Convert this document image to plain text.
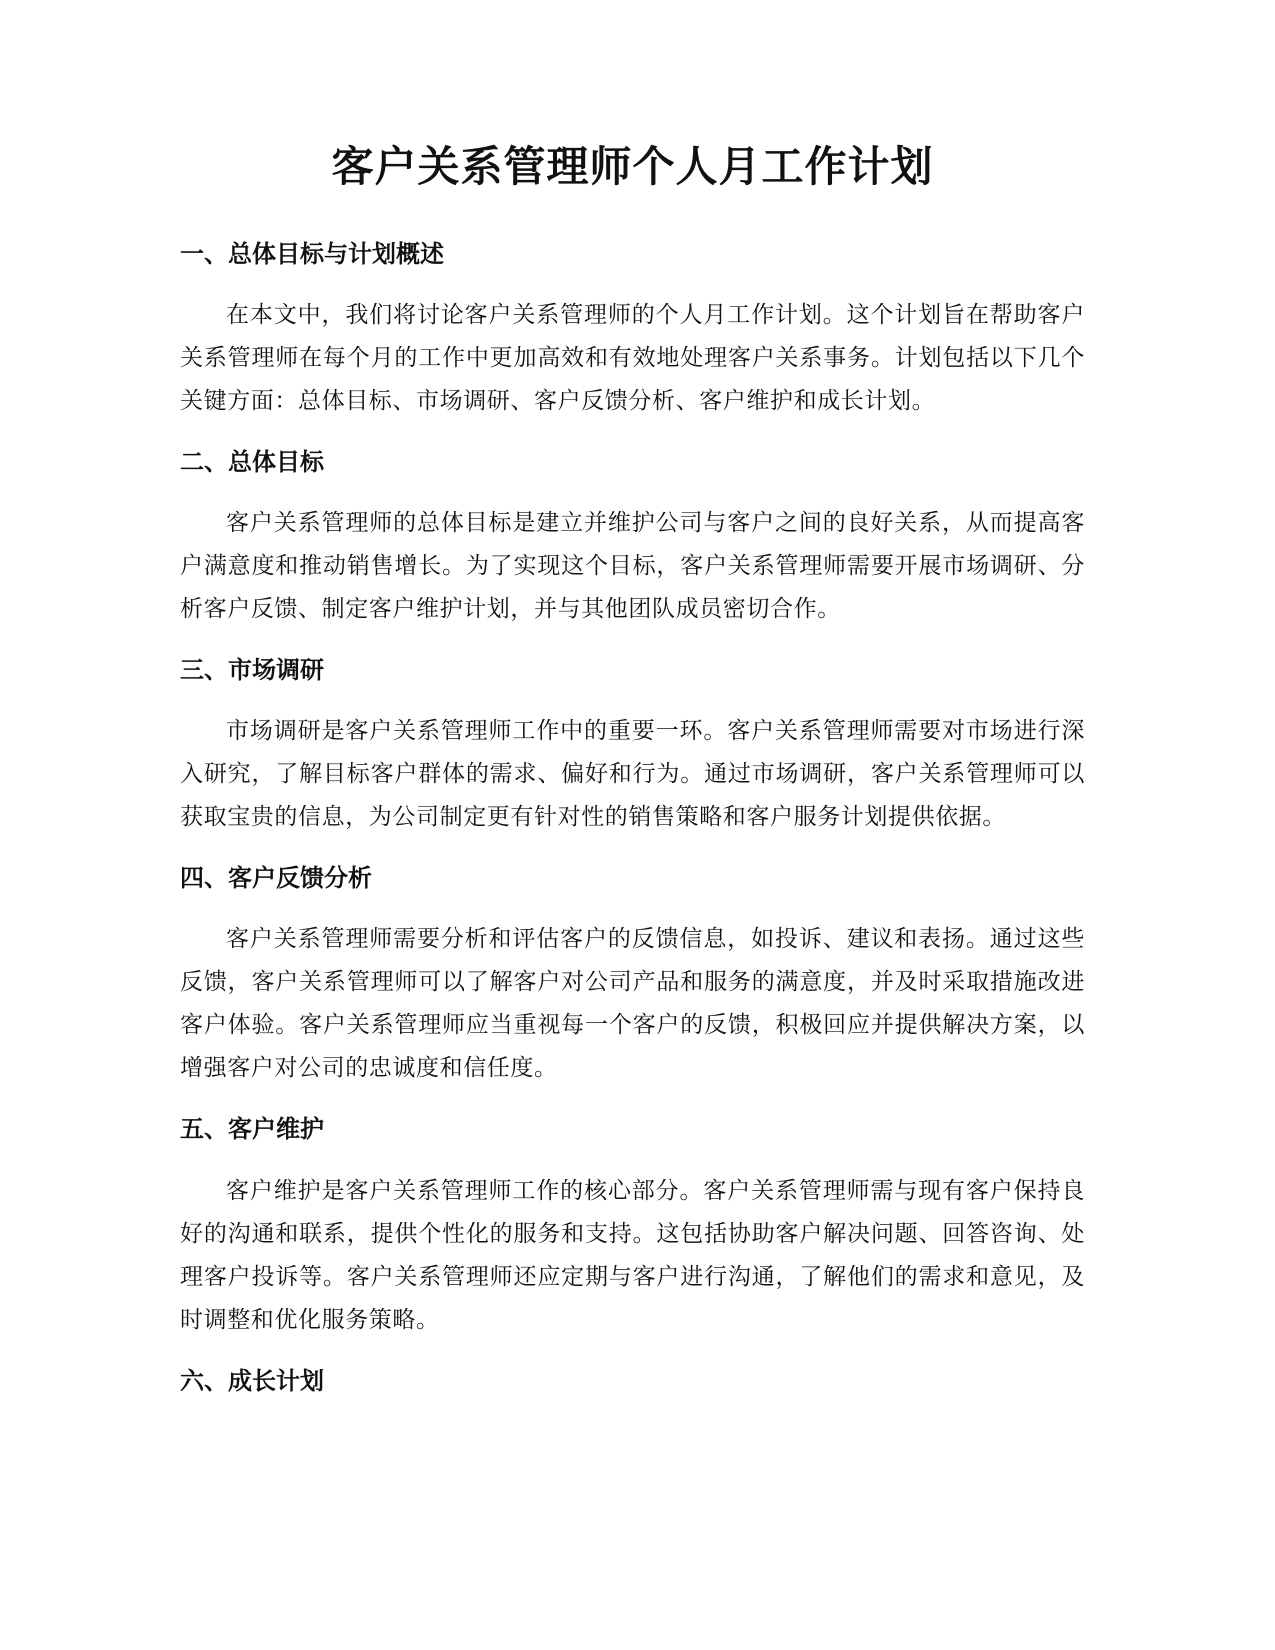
客户关系管理师个人月工作计划
一、总体目标与计划概述

在本文中，我们将讨论客户关系管理师的个人月工作计划。这个计划旨在帮助客户关系管理师在每个月的工作中更加高效和有效地处理客户关系事务。计划包括以下几个关键方面：总体目标、市场调研、客户反馈分析、客户维护和成长计划。

二、总体目标

客户关系管理师的总体目标是建立并维护公司与客户之间的良好关系，从而提高客户满意度和推动销售增长。为了实现这个目标，客户关系管理师需要开展市场调研、分析客户反馈、制定客户维护计划，并与其他团队成员密切合作。

三、市场调研

市场调研是客户关系管理师工作中的重要一环。客户关系管理师需要对市场进行深入研究，了解目标客户群体的需求、偏好和行为。通过市场调研，客户关系管理师可以获取宝贵的信息，为公司制定更有针对性的销售策略和客户服务计划提供依据。

四、客户反馈分析

客户关系管理师需要分析和评估客户的反馈信息，如投诉、建议和表扬。通过这些反馈，客户关系管理师可以了解客户对公司产品和服务的满意度，并及时采取措施改进客户体验。客户关系管理师应当重视每一个客户的反馈，积极回应并提供解决方案，以增强客户对公司的忠诚度和信任度。

五、客户维护

客户维护是客户关系管理师工作的核心部分。客户关系管理师需与现有客户保持良好的沟通和联系，提供个性化的服务和支持。这包括协助客户解决问题、回答咨询、处理客户投诉等。客户关系管理师还应定期与客户进行沟通，了解他们的需求和意见，及时调整和优化服务策略。

六、成长计划
